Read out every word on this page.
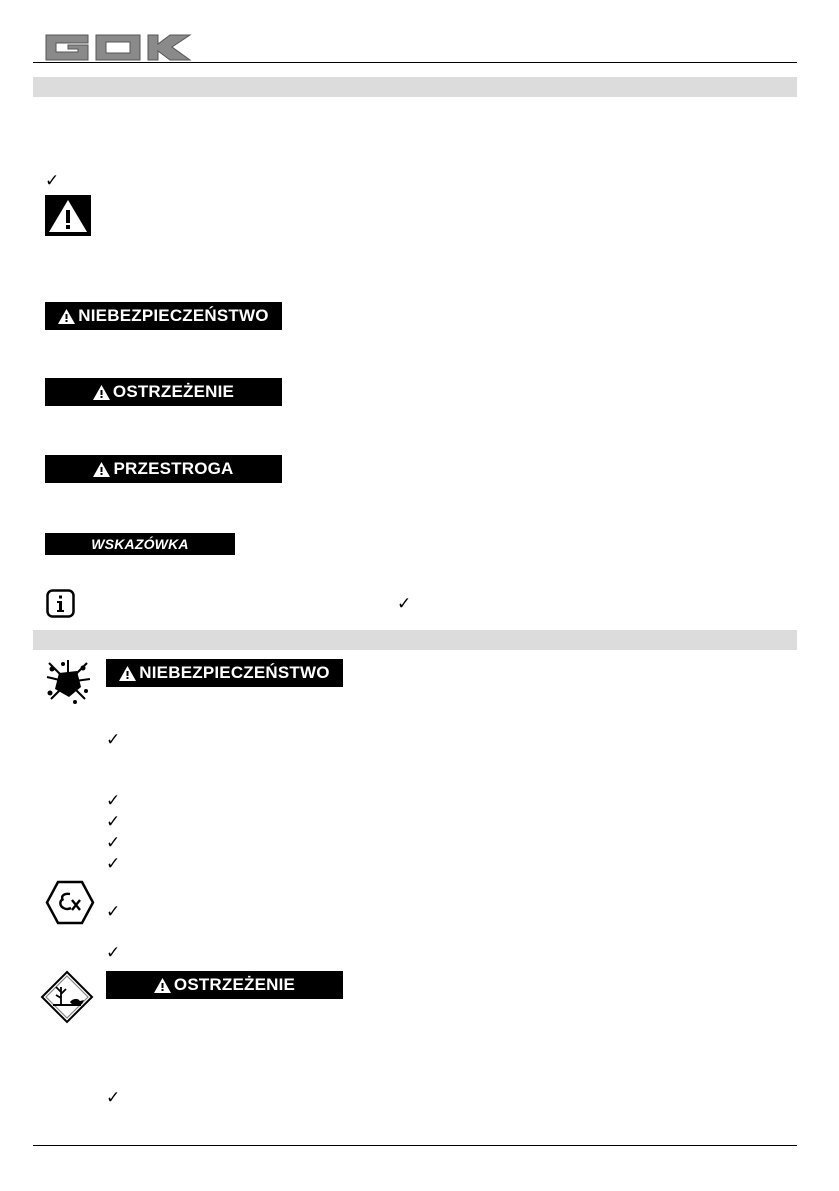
✓
NIEBEZPIECZEŃSTWO
OSTRZEŻENIE
PRZESTROGA
WSKAZÓWKA
✓
NIEBEZPIECZEŃSTWO
✓
✓
✓
✓
✓
✓
✓
OSTRZEŻENIE
✓
